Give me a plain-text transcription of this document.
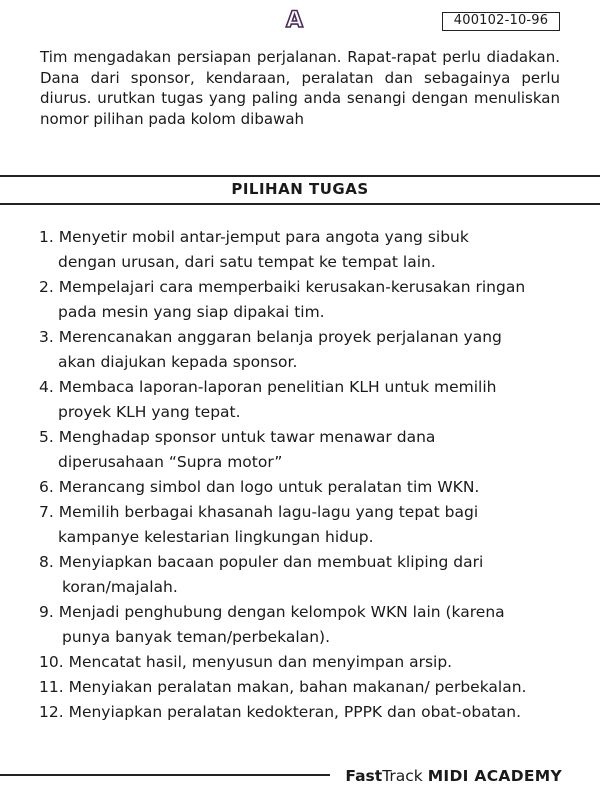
A	400102-10-96

Tim mengadakan persiapan perjalanan. Rapat-rapat perlu diadakan. Dana dari sponsor, kendaraan, peralatan dan sebagainya perlu diurus. urutkan tugas yang paling anda senangi dengan menuliskan nomor pilihan pada kolom dibawah

PILIHAN TUGAS
1. Menyetir mobil antar-jemput para angota yang sibuk
dengan urusan, dari satu tempat ke tempat lain.
2. Mempelajari cara memperbaiki kerusakan-kerusakan ringan
pada mesin yang siap dipakai tim.
3. Merencanakan anggaran belanja proyek perjalanan yang
akan diajukan kepada sponsor.
4. Membaca laporan-laporan penelitian KLH untuk memilih
proyek KLH yang tepat.
5. Menghadap sponsor untuk tawar menawar dana
diperusahaan “Supra motor”
6. Merancang simbol dan logo untuk peralatan tim WKN.
7. Memilih berbagai khasanah lagu-lagu yang tepat bagi
kampanye kelestarian lingkungan hidup.
8. Menyiapkan bacaan populer dan membuat kliping dari
koran/majalah.
9. Menjadi penghubung dengan kelompok WKN lain (karena
punya banyak teman/perbekalan).
10. Mencatat hasil, menyusun dan menyimpan arsip.
11. Menyiakan peralatan makan, bahan makanan/ perbekalan.
12. Menyiapkan peralatan kedokteran, PPPK dan obat-obatan.
FastTrack MIDI ACADEMY
